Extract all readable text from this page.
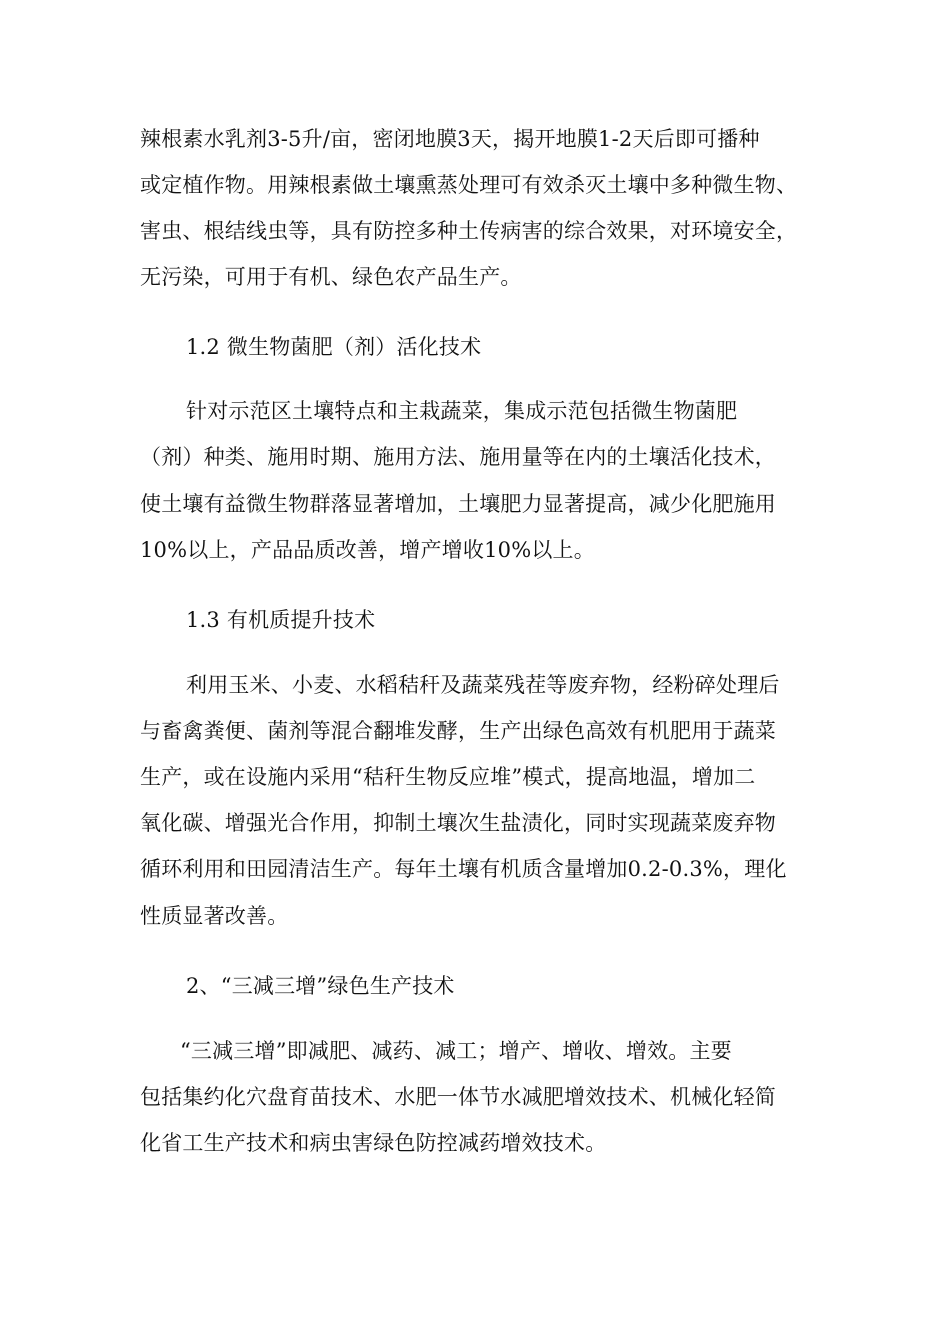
辣根素水乳剂3-5升/亩，密闭地膜3天，揭开地膜1-2天后即可播种
或定植作物。用辣根素做土壤熏蒸处理可有效杀灭土壤中多种微生物、
害虫、根结线虫等，具有防控多种土传病害的综合效果，对环境安全，
无污染，可用于有机、绿色农产品生产。
1.2 微生物菌肥（剂）活化技术
针对示范区土壤特点和主栽蔬菜，集成示范包括微生物菌肥
（剂）种类、施用时期、施用方法、施用量等在内的土壤活化技术，
使土壤有益微生物群落显著增加，土壤肥力显著提高，减少化肥施用
10%以上，产品品质改善，增产增收10%以上。
1.3 有机质提升技术
利用玉米、小麦、水稻秸秆及蔬菜残茬等废弃物，经粉碎处理后
与畜禽粪便、菌剂等混合翻堆发酵，生产出绿色高效有机肥用于蔬菜
生产，或在设施内采用“秸秆生物反应堆”模式，提高地温，增加二
氧化碳、增强光合作用，抑制土壤次生盐渍化，同时实现蔬菜废弃物
循环利用和田园清洁生产。每年土壤有机质含量增加0.2-0.3%，理化
性质显著改善。
2、“三减三增”绿色生产技术
“三减三增”即减肥、减药、减工；增产、增收、增效。主要
包括集约化穴盘育苗技术、水肥一体节水减肥增效技术、机械化轻简
化省工生产技术和病虫害绿色防控减药增效技术。
